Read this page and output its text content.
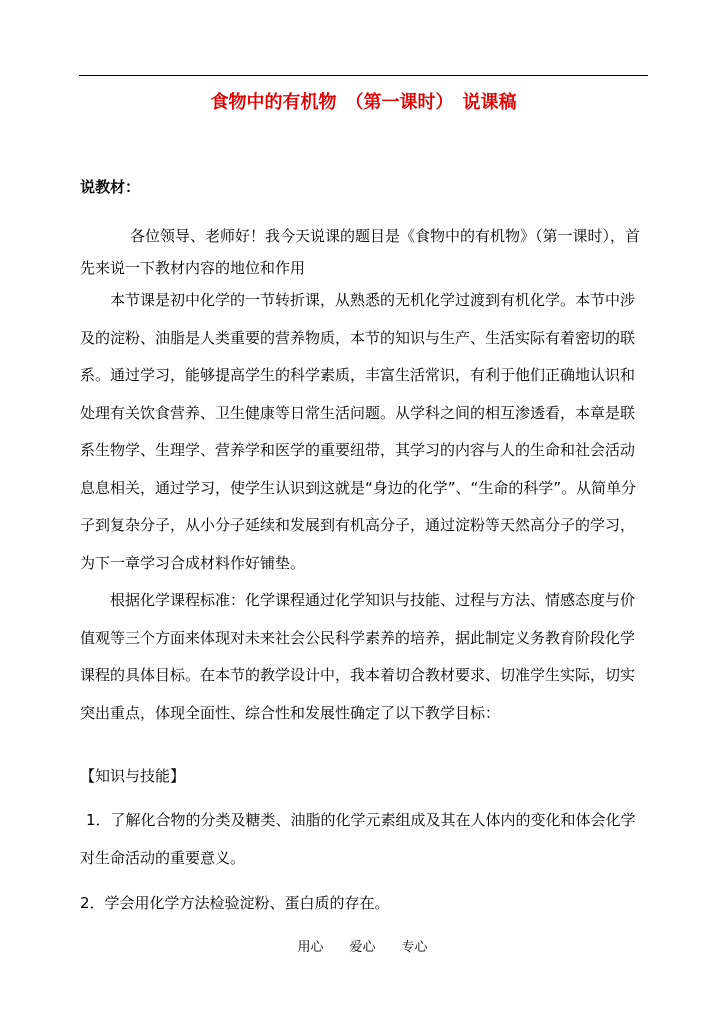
食物中的有机物　（第一课时）　说课稿
说教材：

各位领导、老师好！我今天说课的题目是《食物中的有机物》（第一课时），首先来说一下教材内容的地位和作用

本节课是初中化学的一节转折课，从熟悉的无机化学过渡到有机化学。本节中涉及的淀粉、油脂是人类重要的营养物质，本节的知识与生产、生活实际有着密切的联系。通过学习，能够提高学生的科学素质，丰富生活常识，有利于他们正确地认识和处理有关饮食营养、卫生健康等日常生活问题。从学科之间的相互渗透看，本章是联系生物学、生理学、营养学和医学的重要纽带，其学习的内容与人的生命和社会活动息息相关，通过学习，使学生认识到这就是“身边的化学”、“生命的科学”。从简单分子到复杂分子，从小分子延续和发展到有机高分子，通过淀粉等天然高分子的学习，为下一章学习合成材料作好铺垫。

根据化学课程标准：化学课程通过化学知识与技能、过程与方法、情感态度与价值观等三个方面来体现对未来社会公民科学素养的培养，据此制定义务教育阶段化学课程的具体目标。在本节的教学设计中，我本着切合教材要求、切准学生实际，切实突出重点，体现全面性、综合性和发展性确定了以下教学目标：

【知识与技能】

1．了解化合物的分类及糖类、油脂的化学元素组成及其在人体内的变化和体会化学对生命活动的重要意义。

2．学会用化学方法检验淀粉、蛋白质的存在。

用心　　爱心　　专心
